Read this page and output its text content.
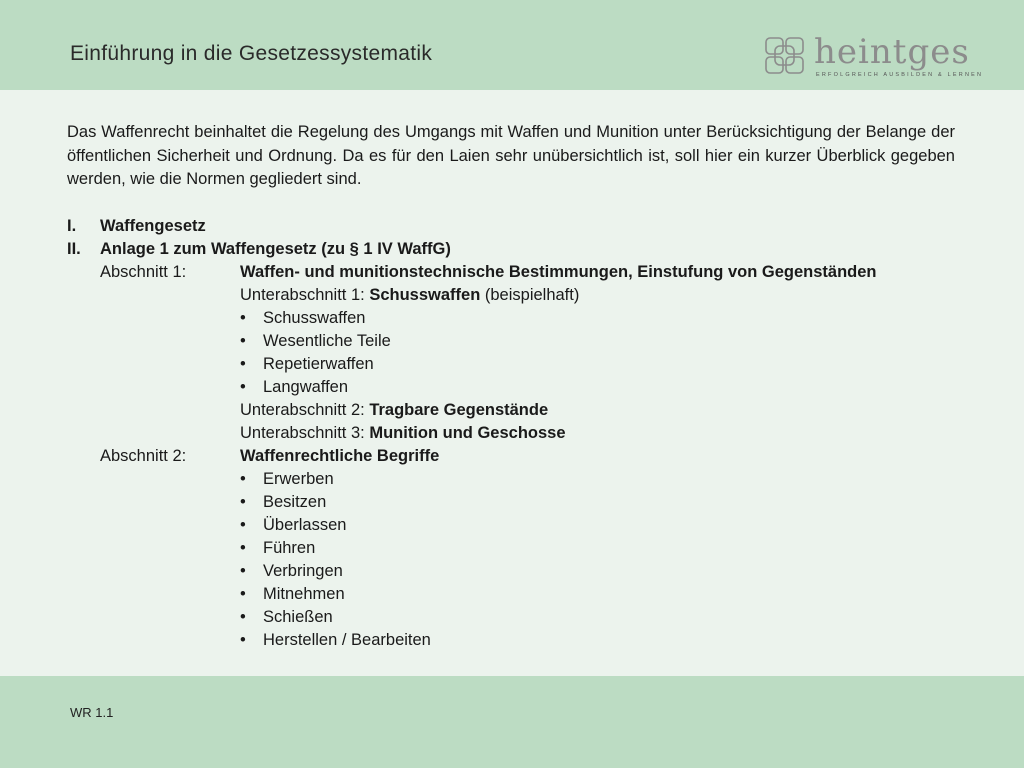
Einführung in die Gesetzessystematik	heintges
ERFOLGREICH AUSBILDEN & LERNEN

Das Waffenrecht beinhaltet die Regelung des Umgangs mit Waffen und Munition unter Berücksichtigung der Belange der öffentlichen Sicherheit und Ordnung. Da es für den Laien sehr unübersichtlich ist, soll hier ein kurzer Überblick gegeben werden, wie die Normen gegliedert sind.

I. Waffengesetz
II. Anlage 1 zum Waffengesetz (zu § 1 IV WaffG)
Abschnitt 1:	Waffen- und munitionstechnische Bestimmungen, Einstufung von Gegenständen
Unterabschnitt 1: Schusswaffen (beispielhaft)
• Schusswaffen
• Wesentliche Teile
• Repetierwaffen
• Langwaffen
Unterabschnitt 2: Tragbare Gegenstände
Unterabschnitt 3: Munition und Geschosse
Abschnitt 2:	Waffenrechtliche Begriffe
• Erwerben
• Besitzen
• Überlassen
• Führen
• Verbringen
• Mitnehmen
• Schießen
• Herstellen / Bearbeiten
WR 1.1
